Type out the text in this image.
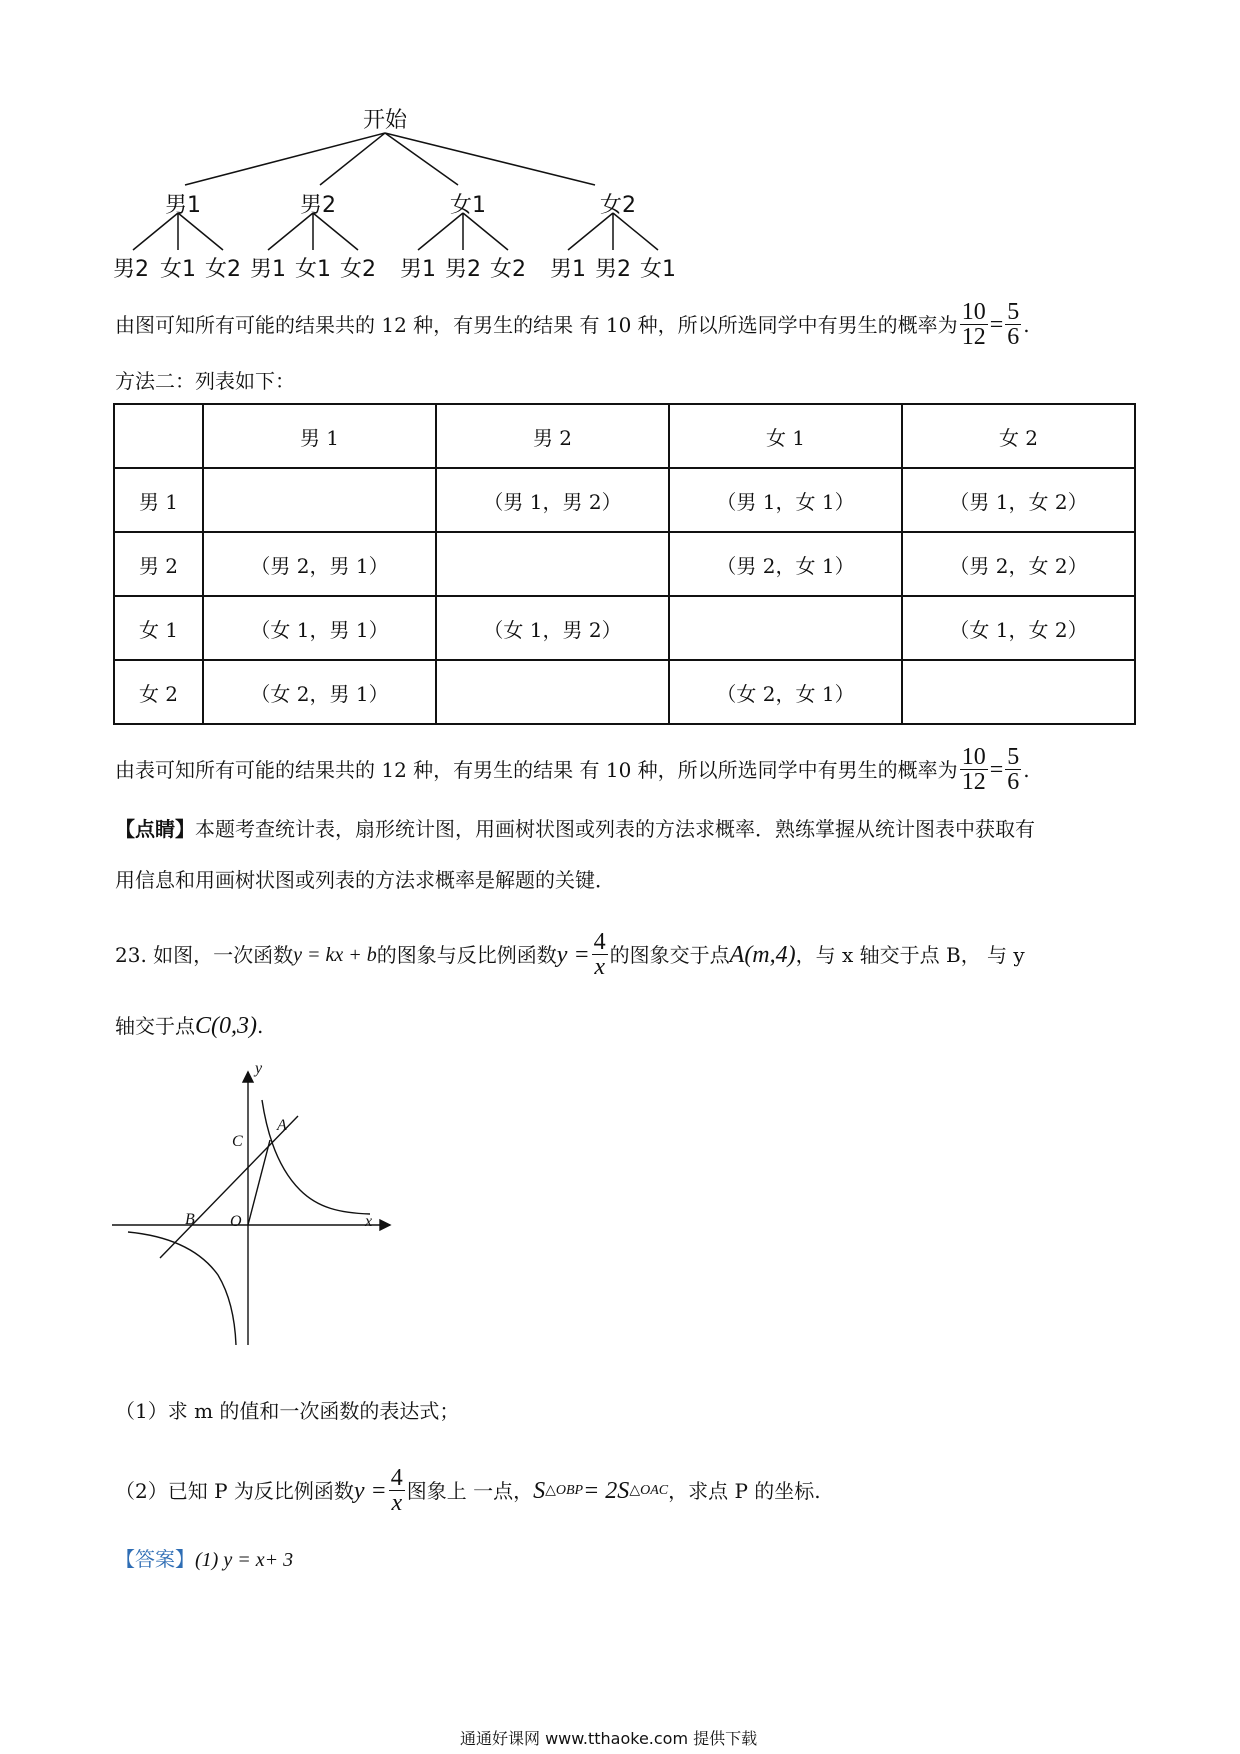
开始
男1	男2	女1	女2
男2 女1 女2 男1 女1 女2 男1 男2 女2 男1 男2 女1
由图可知所有可能的结果共的 12 种，有男生的结果 有 10 种，所以所选同学中有男生的概率为 $\frac{10}{12} = \frac{5}{6}$ .
方法二：列表如下：
	男 1	男 2	女 1	女 2
男 1		（男 1，男 2）	（男 1，女 1）	（男 1，女 2）
男 2	（男 2，男 1）		（男 2，女 1）	（男 2，女 2）
女 1	（女 1，男 1）	（女 1，男 2）		（女 1，女 2）
女 2	（女 2，男 1）		（女 2，女 1）	
由表可知所有可能的结果共的 12 种，有男生的结果 有 10 种，所以所选同学中有男生的概率为 $\frac{10}{12} = \frac{5}{6}$ .
【点睛】本题考查统计表，扇形统计图，用画树状图或列表的方法求概率．熟练掌握从统计图表中获取有
用信息和用画树状图或列表的方法求概率是解题的关键．
23. 如图，一次函数 y = kx + b 的图象与反比例函数 $y = \frac{4}{x}$ 的图象交于点 A(m,4) ，与 x 轴交于点 B， 与 y
轴交于点 C(0,3) .
y
x
C
A
B O
（1）求 m 的值和一次函数的表达式；
（2）已知 P 为反比例函数 $y = \frac{4}{x}$ 图象上 一点， S △OBP = 2S △OAC ，求点 P 的坐标.
【答案】(1) y = x+ 3
通通好课网 www.tthaoke.com 提供下载
